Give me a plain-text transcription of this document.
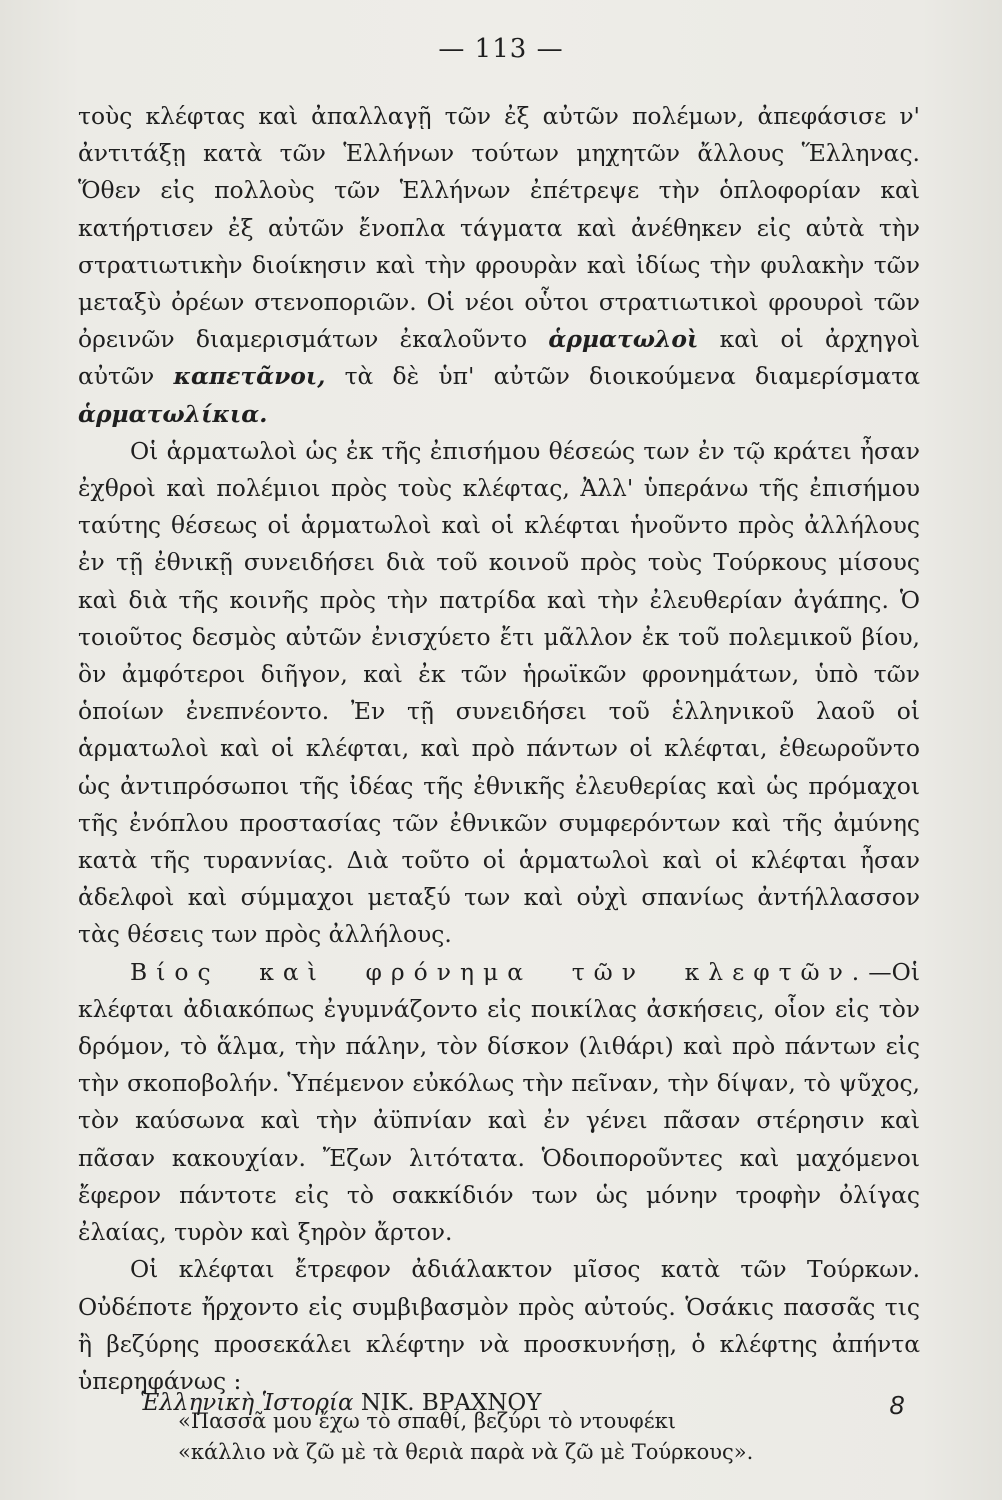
— 113 —

τοὺς κλέφτας καὶ ἀπαλλαγῇ τῶν ἐξ αὐτῶν πολέμων, ἀπεφάσισε ν' ἀντιτάξῃ κατὰ τῶν Ἑλλήνων τούτων μηχητῶν ἄλλους Ἕλληνας. Ὅθεν εἰς πολλοὺς τῶν Ἑλλήνων ἐπέτρεψε τὴν ὁπλοφορίαν καὶ κατήρτισεν ἐξ αὐτῶν ἔνοπλα τάγματα καὶ ἀνέθηκεν εἰς αὐτὰ τὴν στρατιωτικὴν διοίκησιν καὶ τὴν φρουρὰν καὶ ἰδίως τὴν φυλακὴν τῶν μεταξὺ ὀρέων στενοποριῶν. Οἱ νέοι οὗτοι στρατιωτικοὶ φρουροὶ τῶν ὀρεινῶν διαμερισμάτων ἐκαλοῦντο ἁρματωλοὶ καὶ οἱ ἀρχηγοὶ αὐτῶν καπετᾶνοι, τὰ δὲ ὑπ' αὐτῶν διοικούμενα διαμερίσματα ἁρματωλίκια.

Οἱ ἁρματωλοὶ ὡς ἐκ τῆς ἐπισήμου θέσεώς των ἐν τῷ κράτει ἦσαν ἐχθροὶ καὶ πολέμιοι πρὸς τοὺς κλέφτας, Ἀλλ' ὑπεράνω τῆς ἐπισήμου ταύτης θέσεως οἱ ἁρματωλοὶ καὶ οἱ κλέφται ἡνοῦντο πρὸς ἀλλήλους ἐν τῇ ἐθνικῇ συνειδήσει διὰ τοῦ κοινοῦ πρὸς τοὺς Τούρκους μίσους καὶ διὰ τῆς κοινῆς πρὸς τὴν πατρίδα καὶ τὴν ἐλευθερίαν ἀγάπης. Ὁ τοιοῦτος δεσμὸς αὐτῶν ἐνισχύετο ἔτι μᾶλλον ἐκ τοῦ πολεμικοῦ βίου, ὃν ἀμφότεροι διῆγον, καὶ ἐκ τῶν ἡρωϊκῶν φρονημάτων, ὑπὸ τῶν ὁποίων ἐνεπνέοντο. Ἐν τῇ συνειδήσει τοῦ ἑλληνικοῦ λαοῦ οἱ ἁρματωλοὶ καὶ οἱ κλέφται, καὶ πρὸ πάντων οἱ κλέφται, ἐθεωροῦντο ὡς ἀντιπρόσωποι τῆς ἰδέας τῆς ἐθνικῆς ἐλευθερίας καὶ ὡς πρόμαχοι τῆς ἐνόπλου προστασίας τῶν ἐθνικῶν συμφερόντων καὶ τῆς ἀμύνης κατὰ τῆς τυραννίας. Διὰ τοῦτο οἱ ἁρματωλοὶ καὶ οἱ κλέφται ἦσαν ἀδελφοὶ καὶ σύμμαχοι μεταξύ των καὶ οὐχὶ σπανίως ἀντήλλασσον τὰς θέσεις των πρὸς ἀλλήλους.

Βίος καὶ φρόνημα τῶν κλεφτῶν.—Οἱ κλέφται ἀδιακόπως ἐγυμνάζοντο εἰς ποικίλας ἀσκήσεις, οἷον εἰς τὸν δρόμον, τὸ ἅλμα, τὴν πάλην, τὸν δίσκον (λιθάρι) καὶ πρὸ πάντων εἰς τὴν σκοποβολήν. Ὑπέμενον εὐκόλως τὴν πεῖναν, τὴν δίψαν, τὸ ψῦχος, τὸν καύσωνα καὶ τὴν ἀϋπνίαν καὶ ἐν γένει πᾶσαν στέρησιν καὶ πᾶσαν κακουχίαν. Ἔζων λιτότατα. Ὁδοιποροῦντες καὶ μαχόμενοι ἔφερον πάντοτε εἰς τὸ σακκίδιόν των ὡς μόνην τροφὴν ὀλίγας ἐλαίας, τυρὸν καὶ ξηρὸν ἄρτον.

Οἱ κλέφται ἔτρεφον ἀδιάλακτον μῖσος κατὰ τῶν Τούρκων. Οὐδέποτε ἤρχοντο εἰς συμβιβασμὸν πρὸς αὐτούς. Ὁσάκις πασσᾶς τις ἢ βεζύρης προσεκάλει κλέφτην νὰ προσκυνήσῃ, ὁ κλέφτης ἀπήντα ὑπερηφάνως :

«Πασσᾶ μου ἔχω τὸ σπαθί, βεζύρι τὸ ντουφέκι
«κάλλιο νὰ ζῶ μὲ τὰ θεριὰ παρὰ νὰ ζῶ μὲ Τούρκους».
Ἑλληνικὴ Ἱστορία ΝΙΚ. ΒΡΑΧΝΟΥ	8
